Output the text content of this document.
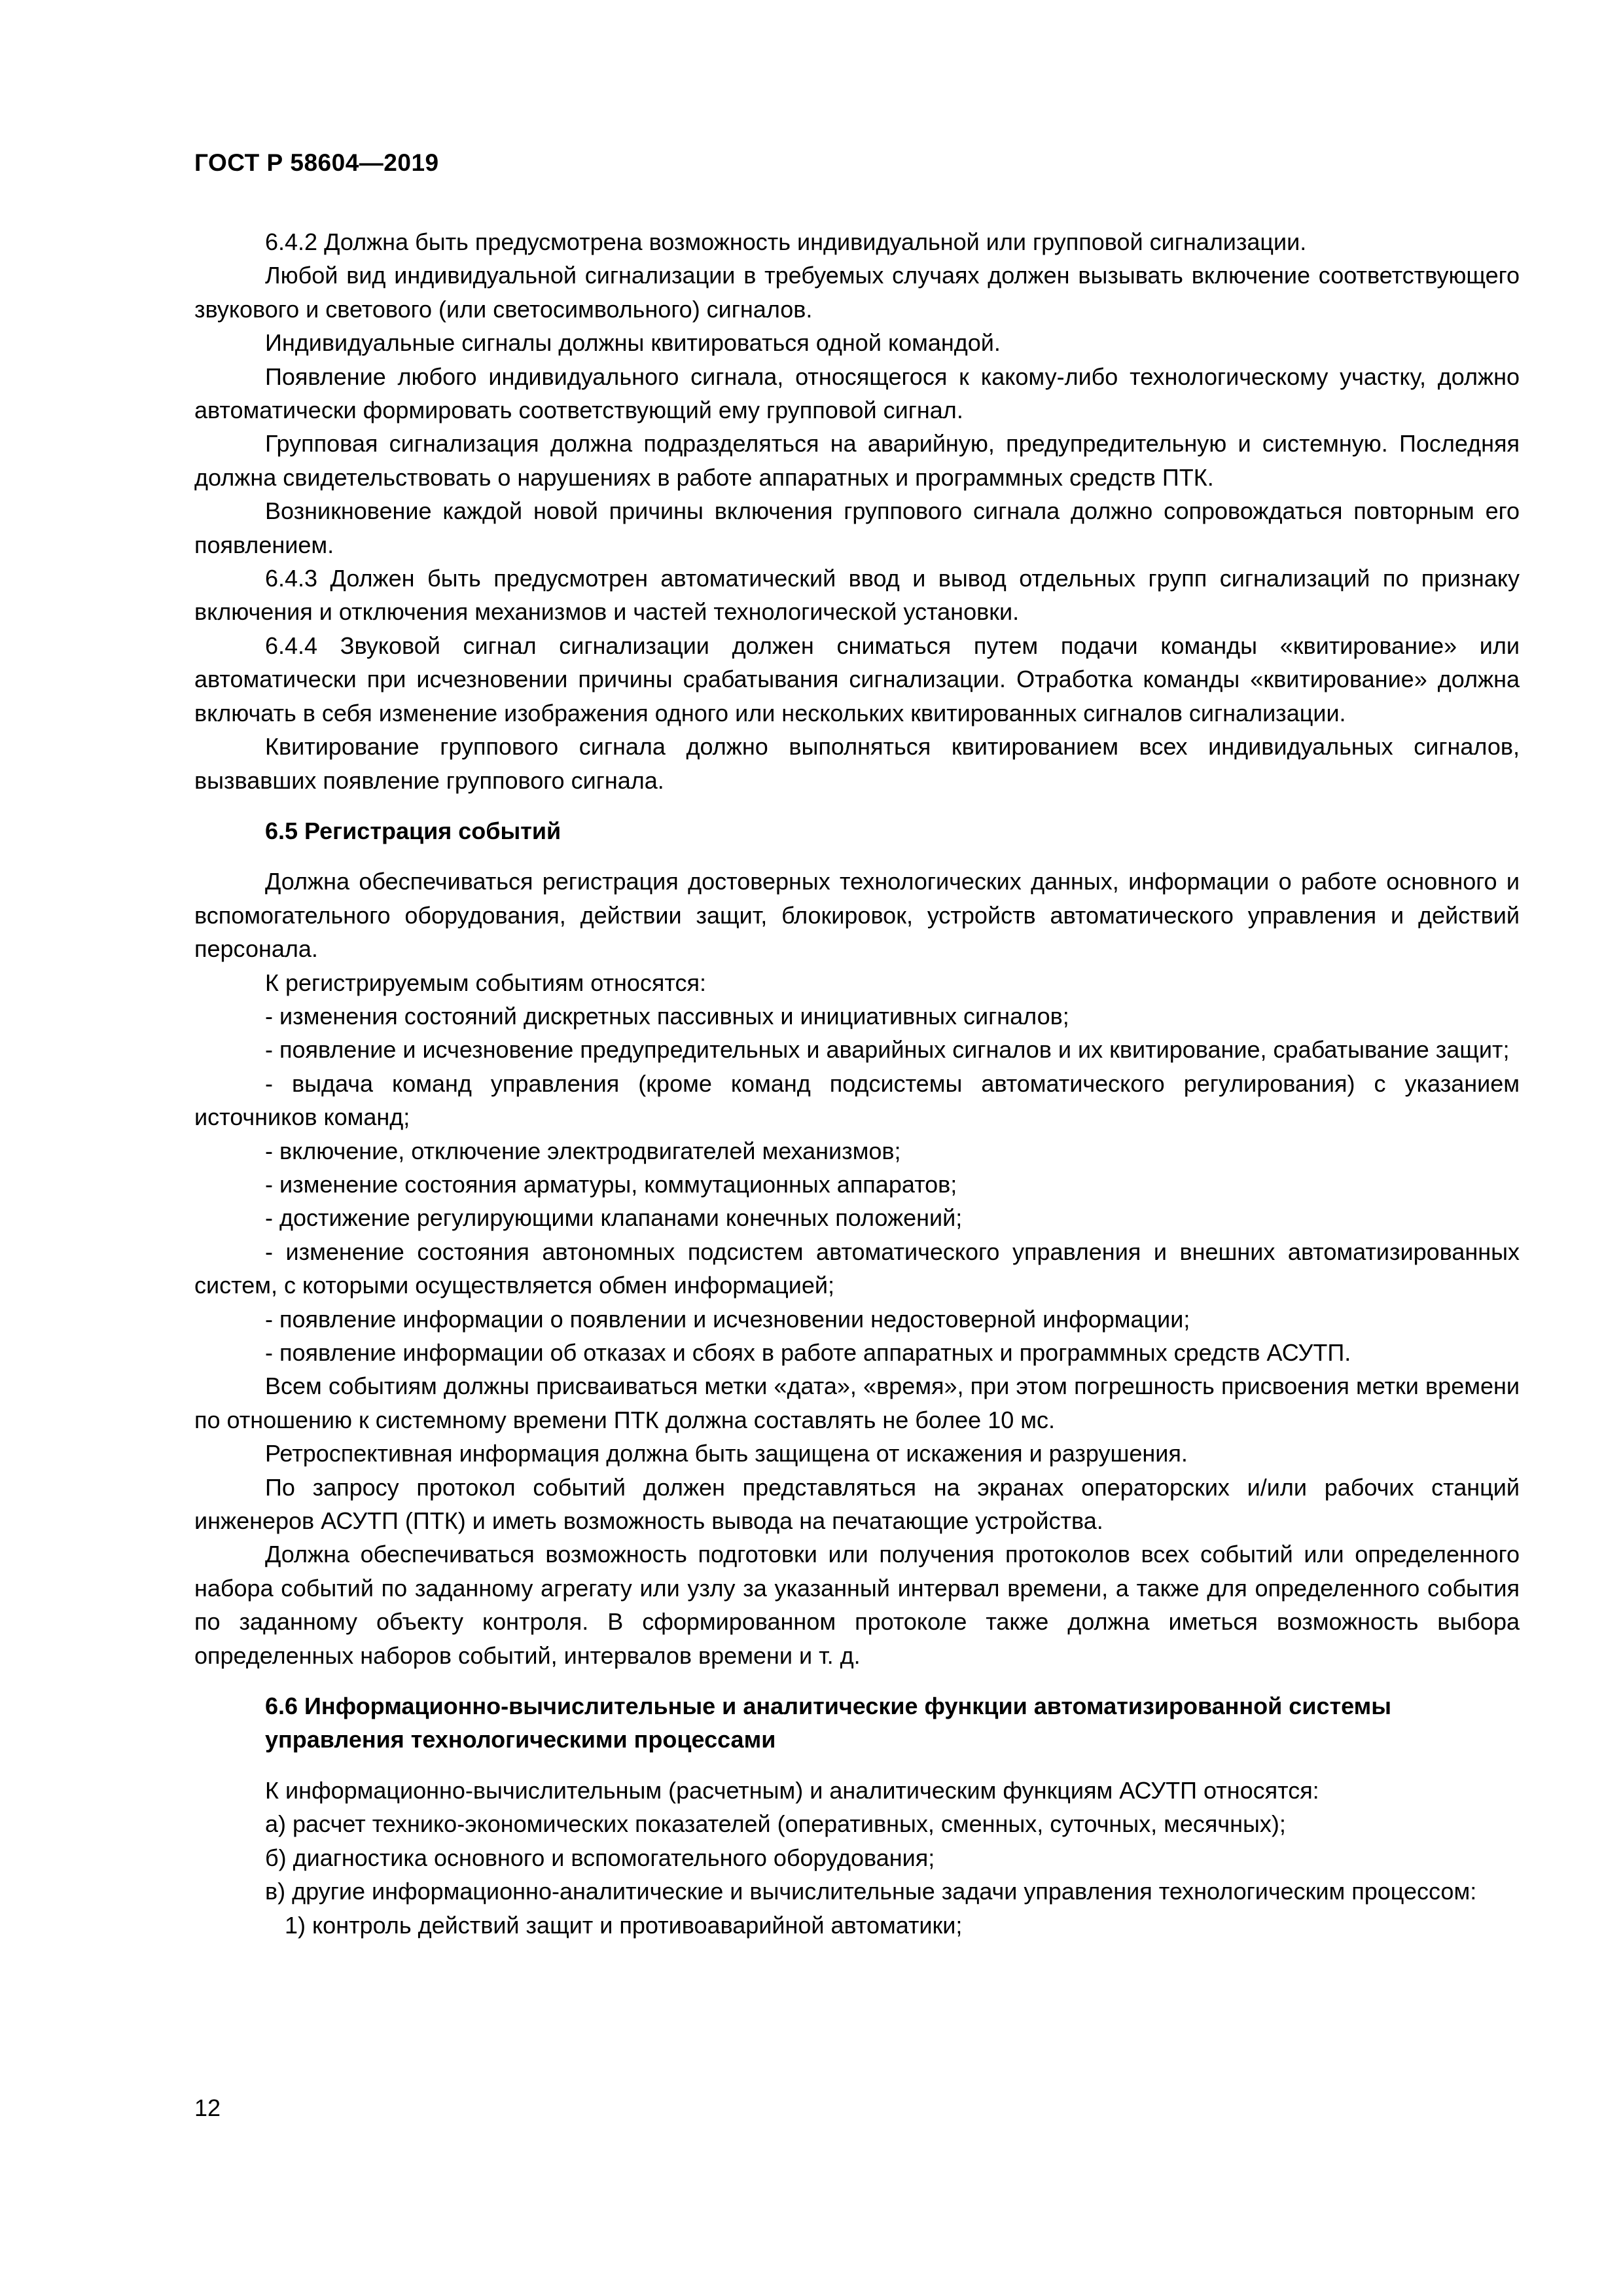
ГОСТ Р 58604—2019

6.4.2 Должна быть предусмотрена возможность индивидуальной или групповой сигнализации.

Любой вид индивидуальной сигнализации в требуемых случаях должен вызывать включение соответствующего звукового и светового (или светосимвольного) сигналов.

Индивидуальные сигналы должны квитироваться одной командой.

Появление любого индивидуального сигнала, относящегося к какому-либо технологическому участку, должно автоматически формировать соответствующий ему групповой сигнал.

Групповая сигнализация должна подразделяться на аварийную, предупредительную и системную. Последняя должна свидетельствовать о нарушениях в работе аппаратных и программных средств ПТК.

Возникновение каждой новой причины включения группового сигнала должно сопровождаться повторным его появлением.

6.4.3 Должен быть предусмотрен автоматический ввод и вывод отдельных групп сигнализаций по признаку включения и отключения механизмов и частей технологической установки.

6.4.4 Звуковой сигнал сигнализации должен сниматься путем подачи команды «квитирование» или автоматически при исчезновении причины срабатывания сигнализации. Отработка команды «квитирование» должна включать в себя изменение изображения одного или нескольких квитированных сигналов сигнализации.

Квитирование группового сигнала должно выполняться квитированием всех индивидуальных сигналов, вызвавших появление группового сигнала.

6.5 Регистрация событий

Должна обеспечиваться регистрация достоверных технологических данных, информации о работе основного и вспомогательного оборудования, действии защит, блокировок, устройств автоматического управления и действий персонала.

К регистрируемым событиям относятся:

- изменения состояний дискретных пассивных и инициативных сигналов;

- появление и исчезновение предупредительных и аварийных сигналов и их квитирование, срабатывание защит;

- выдача команд управления (кроме команд подсистемы автоматического регулирования) с указанием источников команд;

- включение, отключение электродвигателей механизмов;

- изменение состояния арматуры, коммутационных аппаратов;

- достижение регулирующими клапанами конечных положений;

- изменение состояния автономных подсистем автоматического управления и внешних автоматизированных систем, с которыми осуществляется обмен информацией;

- появление информации о появлении и исчезновении недостоверной информации;

- появление информации об отказах и сбоях в работе аппаратных и программных средств АСУТП.

Всем событиям должны присваиваться метки «дата», «время», при этом погрешность присвоения метки времени по отношению к системному времени ПТК должна составлять не более 10 мс.

Ретроспективная информация должна быть защищена от искажения и разрушения.

По запросу протокол событий должен представляться на экранах операторских и/или рабочих станций инженеров АСУТП (ПТК) и иметь возможность вывода на печатающие устройства.

Должна обеспечиваться возможность подготовки или получения протоколов всех событий или определенного набора событий по заданному агрегату или узлу за указанный интервал времени, а также для определенного события по заданному объекту контроля. В сформированном протоколе также должна иметься возможность выбора определенных наборов событий, интервалов времени и т. д.

6.6 Информационно-вычислительные и аналитические функции автоматизированной системы управления технологическими процессами

К информационно-вычислительным (расчетным) и аналитическим функциям АСУТП относятся:

а) расчет технико-экономических показателей (оперативных, сменных, суточных, месячных);

б) диагностика основного и вспомогательного оборудования;

в) другие информационно-аналитические и вычислительные задачи управления технологическим процессом:

1) контроль действий защит и противоаварийной автоматики;

12
